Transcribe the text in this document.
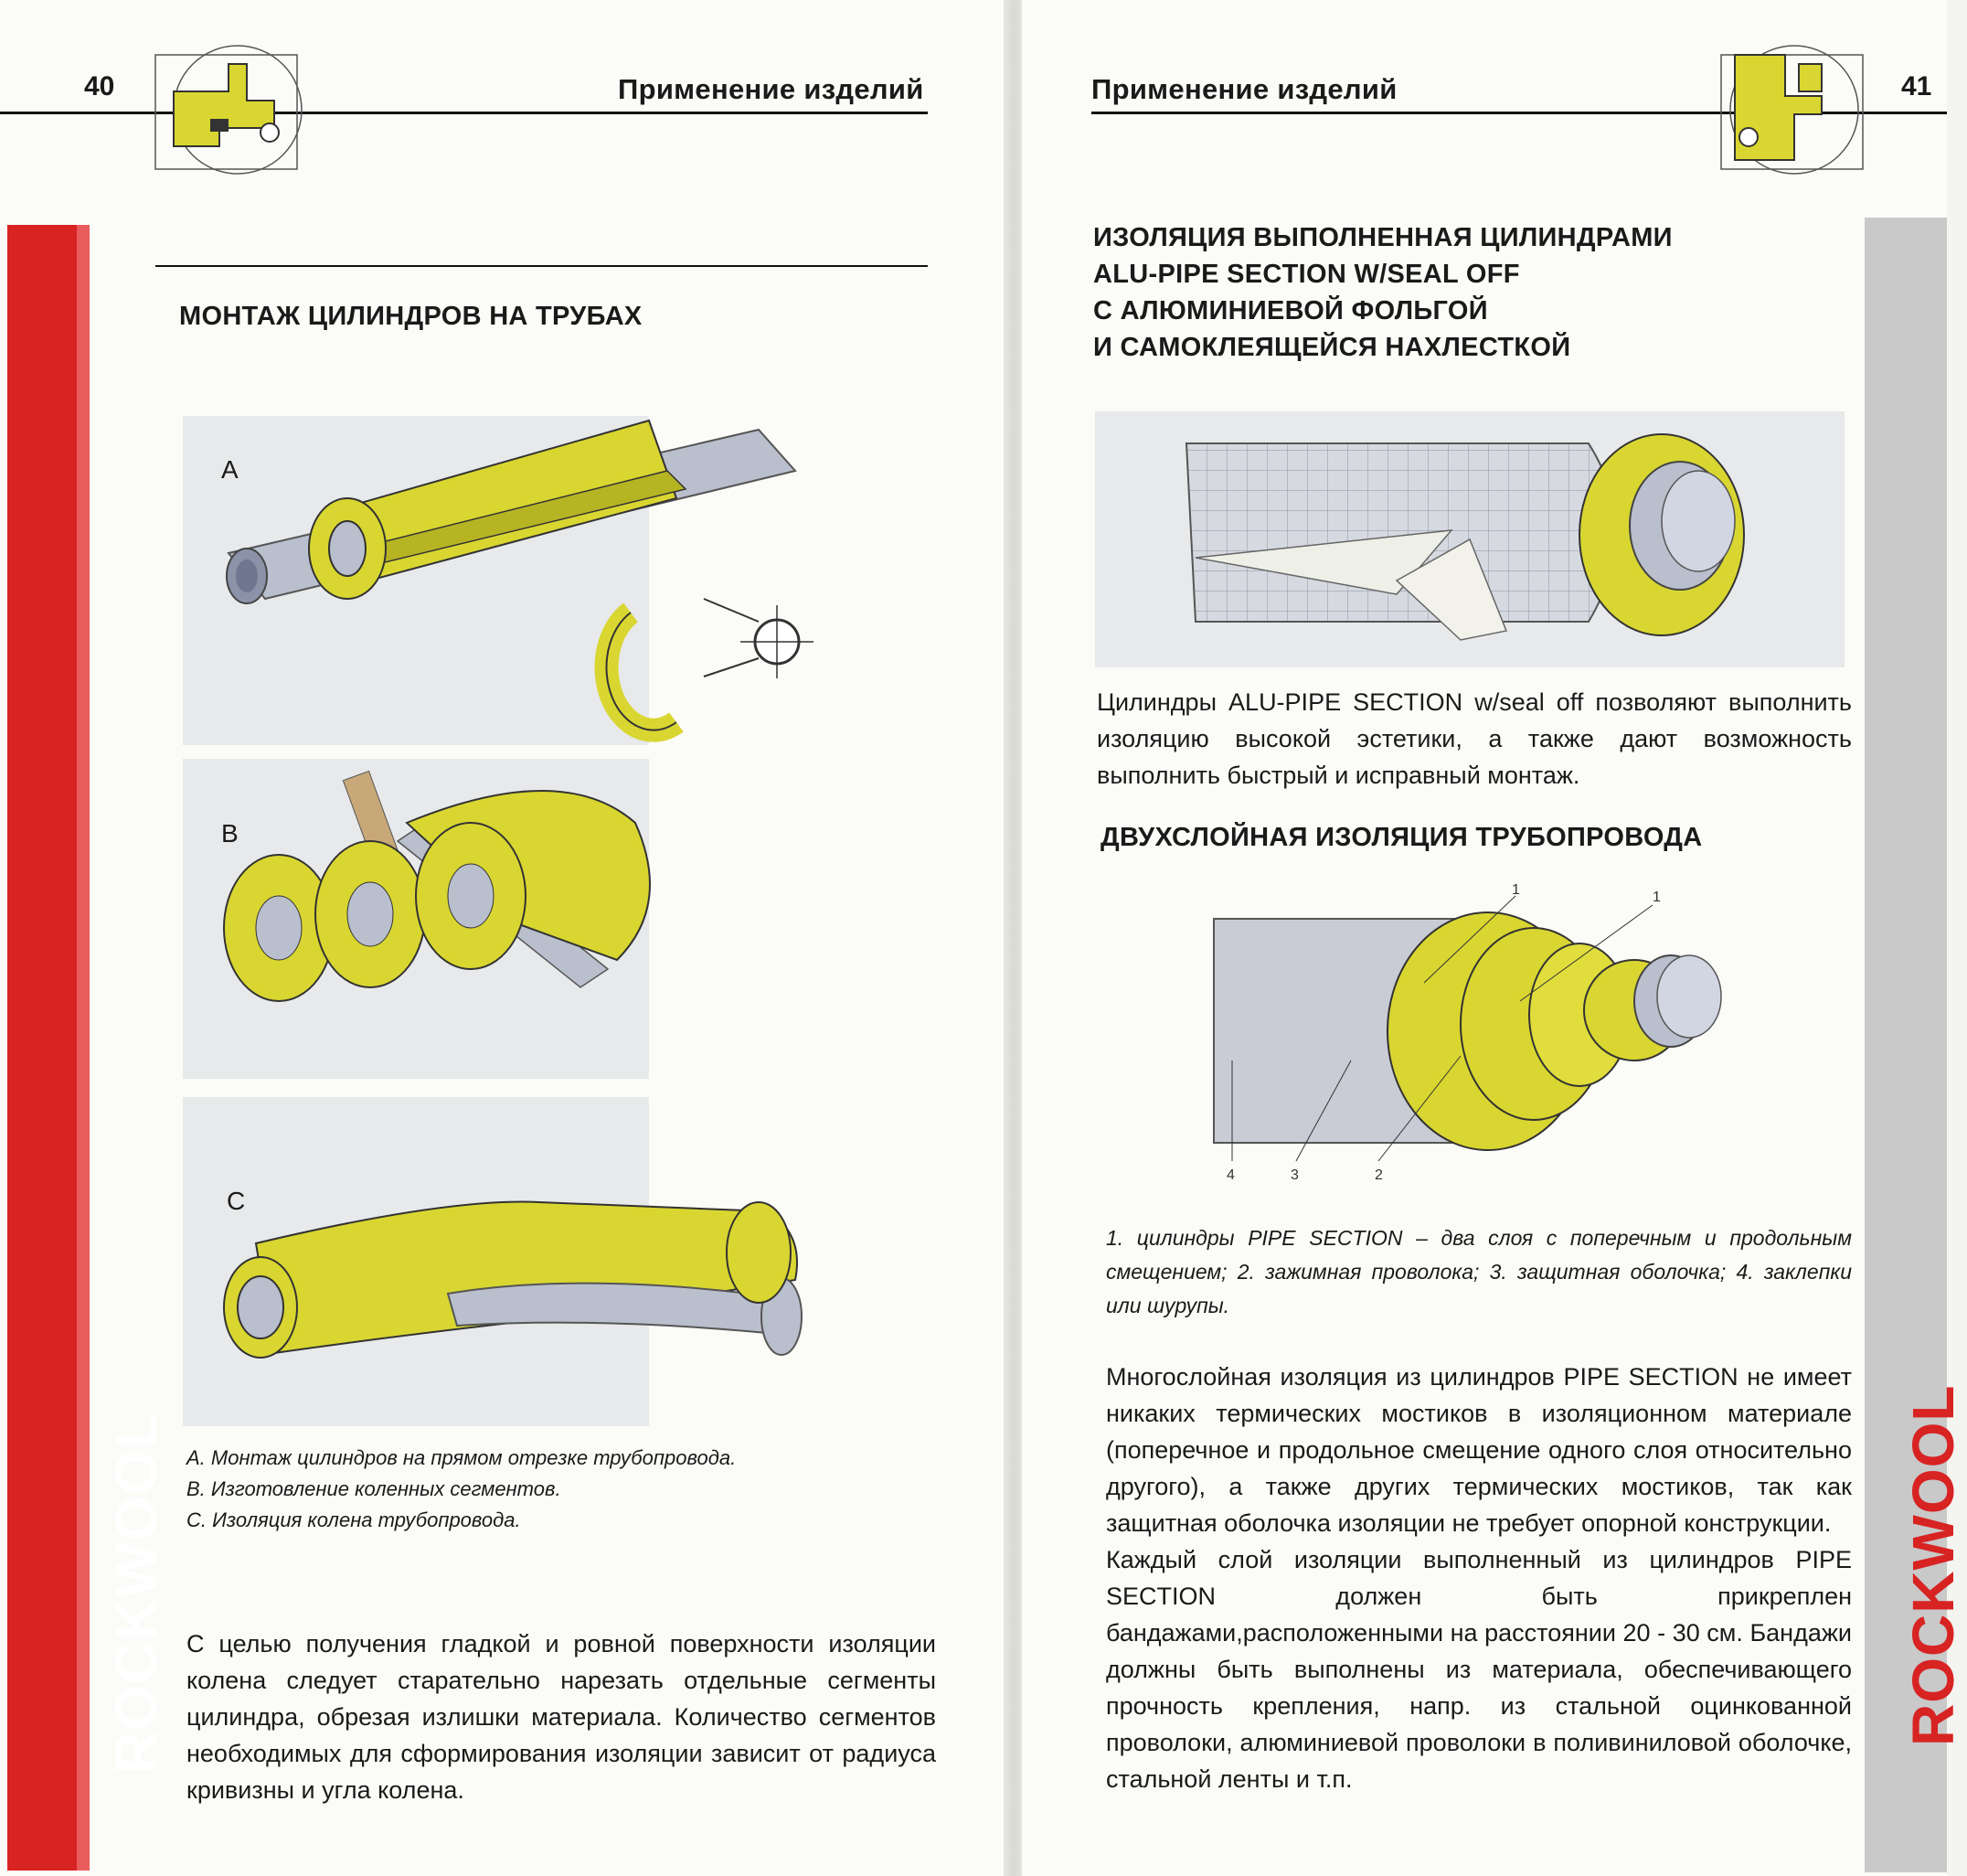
40	Применение изделий
МОНТАЖ ЦИЛИНДРОВ НА ТРУБАХ
A
B
C
A. Монтаж цилиндров на прямом отрезке трубопровода.
B. Изготовление коленных сегментов.
C. Изоляция колена трубопровода.
С целью получения гладкой и ровной поверхности изоляции колена следует старательно нарезать отдельные сегменты цилиндра, обрезая излишки материала. Количество сегментов необходимых для сформирования изоляции зависит от радиуса кривизны и угла колена.
ROCKWOOL
Применение изделий	41
ИЗОЛЯЦИЯ ВЫПОЛНЕННАЯ ЦИЛИНДРАМИ
ALU-PIPE SECTION W/SEAL OFF
С АЛЮМИНИЕВОЙ ФОЛЬГОЙ
И САМОКЛЕЯЩЕЙСЯ НАХЛЕСТКОЙ
Цилиндры ALU-PIPE SECTION w/seal off позволяют выполнить изоляцию высокой эстетики, а также дают возможность выполнить быстрый и исправный монтаж.
ДВУХСЛОЙНАЯ ИЗОЛЯЦИЯ ТРУБОПРОВОДА
1	1
4	3	2
1. цилиндры PIPE SECTION – два слоя с поперечным и продольным смещением; 2. зажимная проволока; 3. защитная оболочка; 4. заклепки или шурупы.
Многослойная изоляция из цилиндров PIPE SECTION не имеет никаких термических мостиков в изоляционном материале (поперечное и продольное смещение одного слоя относительно другого), а также других термических мостиков, так как защитная оболочка изоляции не требует опорной конструкции.
Каждый слой изоляции выполненный из цилиндров PIPE SECTION должен быть прикреплен бандажами,расположенными на расстоянии 20 - 30 см. Бандажи должны быть выполнены из материала, обеспечивающего прочность крепления, напр. из стальной оцинкованной проволоки, алюминиевой проволоки в поливиниловой оболочке, стальной ленты и т.п.
ROCKWOOL
